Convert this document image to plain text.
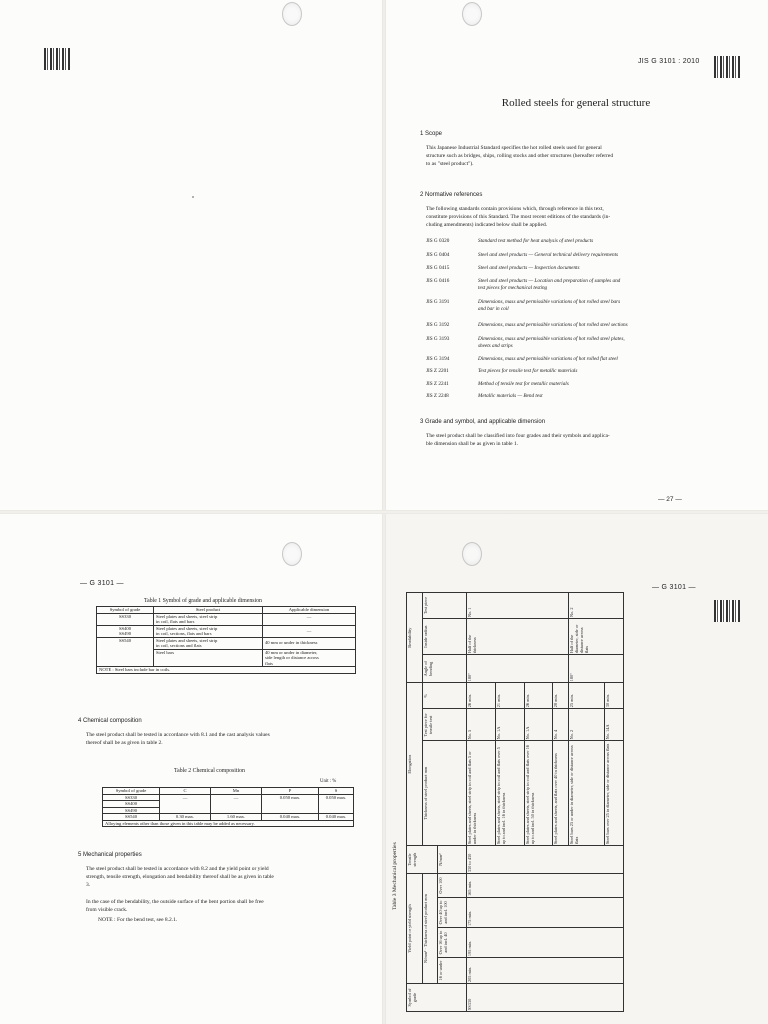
JIS G 3101 : 2010
Rolled steels for general structure
1 Scope
This Japanese Industrial Standard specifies the hot rolled steels used for general
structure such as bridges, ships, rolling stocks and other structures (hereafter referred
to as "steel product").
2 Normative references
The following standards contain provisions which, through reference in this text,
constitute provisions of this Standard. The most recent editions of the standards (in-
cluding amendments) indicated below shall be applied.
JIS G 0320	Standard test method for heat analysis of steel products
JIS G 0404	Steel and steel products — General technical delivery requirements
JIS G 0415	Steel and steel products — Inspection documents
JIS G 0416	Steel and steel products — Location and preparation of samples and
test pieces for mechanical testing
JIS G 3191	Dimensions, mass and permissible variations of hot rolled steel bars
and bar in coil
JIS G 3192	Dimensions, mass and permissible variations of hot rolled steel sections
JIS G 3193	Dimensions, mass and permissible variations of hot rolled steel plates,
sheets and strips
JIS G 3194	Dimensions, mass and permissible variations of hot rolled flat steel
JIS Z 2201	Test pieces for tensile test for metallic materials
JIS Z 2241	Method of tensile test for metallic materials
JIS Z 2248	Metallic materials — Bend test
3 Grade and symbol, and applicable dimension
The steel product shall be classified into four grades and their symbols and applica-
ble dimension shall be as given in table 1.
— 27 —
— G 3101 —
Table 1 Symbol of grade and applicable dimension
Symbol of grade	Steel product	Applicable dimension
SS330	Steel plates and sheets, steel strip
in coil, flats and bars	—
SS400
SS490	Steel plates and sheets, steel strip
in coil, sections, flats and bars	—
SS540	Steel plates and sheets, steel strip
in coil, sections and flats	40 mm or under in thickness
	Steel bars	40 mm or under in diameter,
side length or distance across
flats
NOTE : Steel bars include bar in coils.		
4 Chemical composition
The steel product shall be tested in accordance with 8.1 and the cast analysis values
thereof shall be as given in table 2.
Table 2 Chemical composition
Unit : %
Symbol of grade	C	Mn	P	S
SS330	—	—	0.050 max.	0.050 max.
SS400				
SS490				
SS540	0.30 max.	1.60 max.	0.040 max.	0.040 max.
Alloying elements other than those given in this table may be added as necessary.				
5 Mechanical properties
The steel product shall be tested in accordance with 8.2 and the yield point or yield
strength, tensile strength, elongation and bendability thereof shall be as given in table
3.
In the case of the bendability, the outside surface of the bent portion shall be free
from visible crack.
NOTE : For the bend test, see 8.2.1.
— G 3101 —
Table 3 Mechanical properties
Symbol of grade	Yield point or yield strength				Tensile strength	Elongation			Bendability		
	N/mm² · Thickness of steel product mm					Thickness of steel product mm	Test piece for tensile test	%	Angle of bending	Inside radius	Test piece
	16 or under	Over 16 up to and incl. 40	Over 40 up to and incl. 100	Over 100	N/mm²						
SS330	205 min.	195 min.	175 min.	165 min.	330 to 430	Steel plates and sheets, steel strip in coil and flats 5 or under in thickness	No. 5	26 min.	180°	Half of the thickness	No. 1
						Steel plates and sheets, steel strip in coil and flats over 5 up to and incl. 16 in thickness	No. 1A	21 min.			
						Steel plates and sheets, steel strip in coil and flats over 16 up to and incl. 50 in thickness	No. 1A	26 min.			
						Steel plates and sheets, and flats over 40 in thickness	No. 4	28 min.			
						Steel bars 25 or under in diameter, side or distance across flats	No. 2	25 min.	180°	Half of the diameter, side or distance across flats	No. 2
						Steel bars over 25 in diameter, side or distance across flats	No. 14A	30 min.			
